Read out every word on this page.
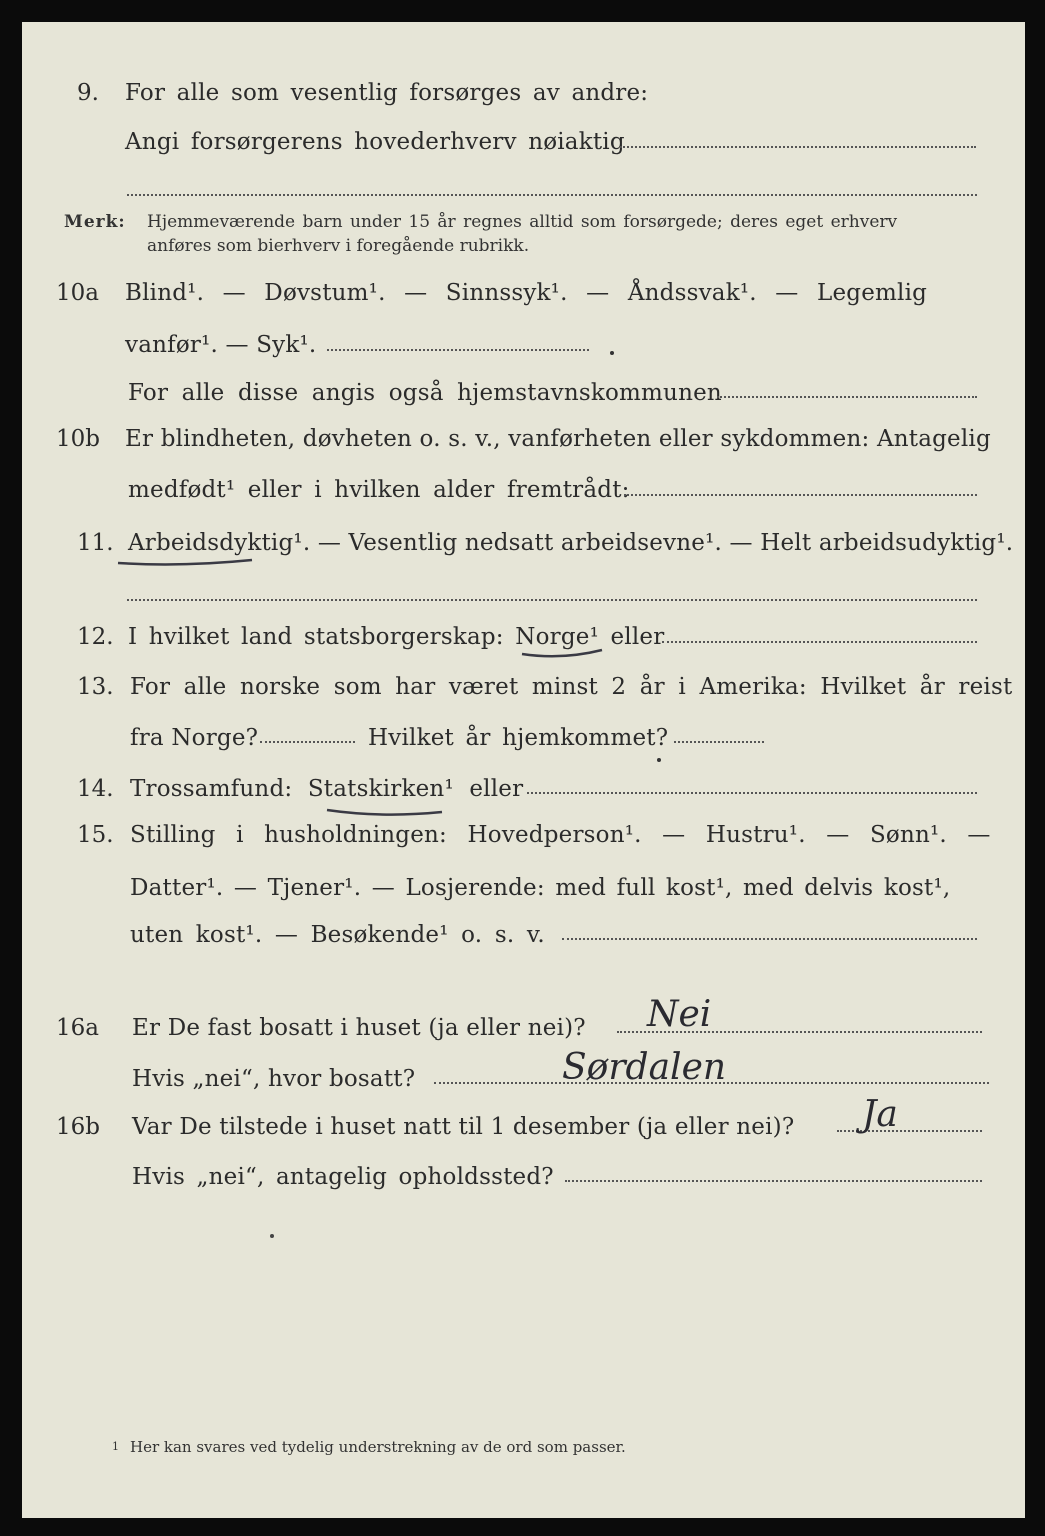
9. For alle som vesentlig forsørges av andre:
Angi forsørgerens hovederhverv nøiaktig
Merk: Hjemmeværende barn under 15 år regnes alltid som forsørgede; deres eget erhverv
anføres som bierhverv i foregående rubrikk.
10a Blind¹. — Døvstum¹. — Sinnssyk¹. — Åndssvak¹. — Legemlig
vanfør¹. — Syk¹.
For alle disse angis også hjemstavnskommunen
10b Er blindheten, døvheten o. s. v., vanførheten eller sykdommen: Antagelig
medfødt¹ eller i hvilken alder fremtrådt:
11. Arbeidsdyktig¹. — Vesentlig nedsatt arbeidsevne¹. — Helt arbeidsudyktig¹.
12. I hvilket land statsborgerskap: Norge¹ eller
13. For alle norske som har været minst 2 år i Amerika: Hvilket år reist
fra Norge?	Hvilket år hjemkommet?
14. Trossamfund: Statskirken¹ eller
15. Stilling i husholdningen: Hovedperson¹. — Hustru¹. — Sønn¹. —
Datter¹. — Tjener¹. — Losjerende: med full kost¹, med delvis kost¹,
uten kost¹. — Besøkende¹ o. s. v.
16a Er De fast bosatt i huset (ja eller nei)? Nei
Hvis „nei“, hvor bosatt?	Sørdalen
16b Var De tilstede i huset natt til 1 desember (ja eller nei)? Ja
Hvis „nei“, antagelig opholdssted?
1 Her kan svares ved tydelig understrekning av de ord som passer.
